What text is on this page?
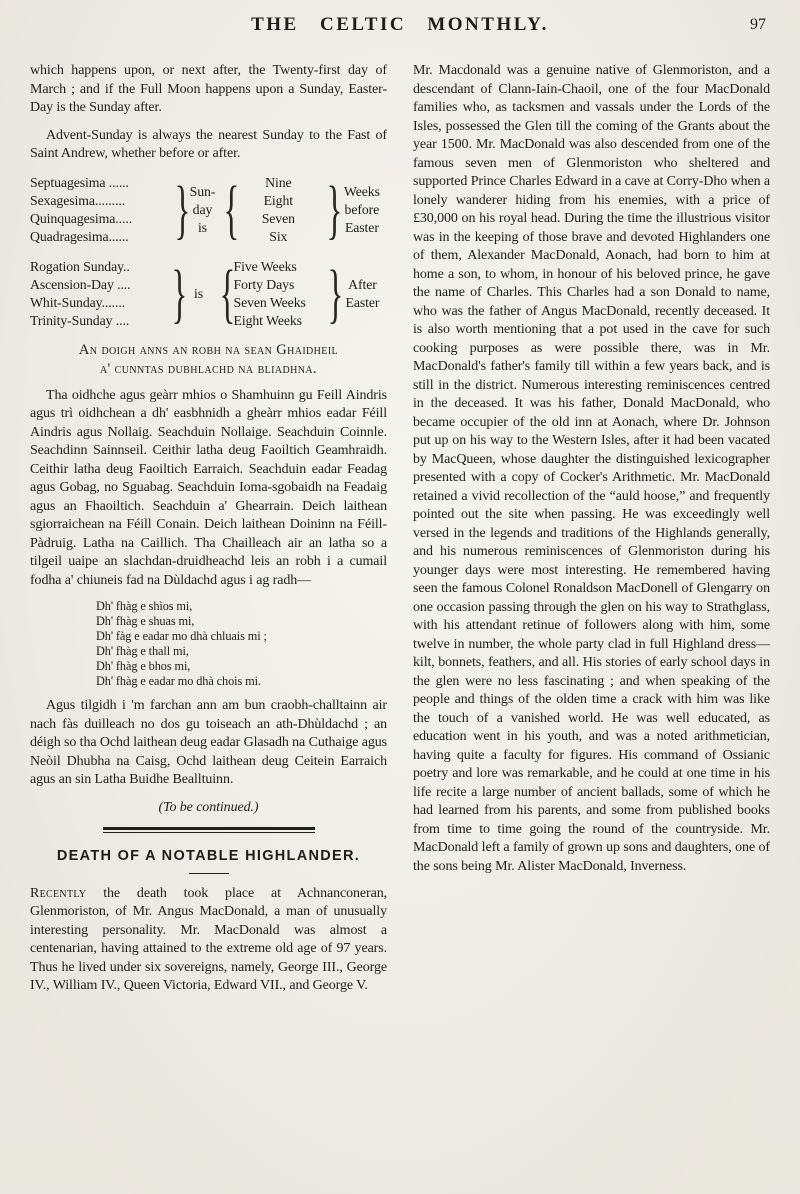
THE CELTIC MONTHLY.	97

which happens upon, or next after, the Twenty-first day of March ; and if the Full Moon happens upon a Sunday, Easter-Day is the Sunday after.

Advent-Sunday is always the nearest Sunday to the Fast of Saint Andrew, whether before or after.

Septuagesima ......
Sexagesima.........
Quinquagesima.....
Quadragesima......
}
Sun-
day
is
{
Nine
Eight
Seven
Six
}
Weeks
before
Easter
Rogation Sunday..
Ascension-Day ....
Whit-Sunday.......
Trinity-Sunday ....
}
is
{
Five Weeks
Forty Days
Seven Weeks
Eight Weeks
}
After
Easter
An doigh anns an robh na sean Ghaidheil
a' cunntas dubhlachd na bliadhna.

Tha oidhche agus geàrr mhios o Shamhuinn gu Feill Aindris agus trì oidhchean a dh' easbhnidh a gheàrr mhios eadar Féill Aindris agus Nollaig. Seachduin Nollaige. Seachduin Coinnle. Seachdinn Sainnseil. Ceithir latha deug Faoiltich Geamhraidh. Ceithir latha deug Faoiltich Earraich. Seachduin eadar Feadag agus Gobag, no Sguabag. Seachduin Ioma-sgobaidh na Feadaig agus an Fhaoiltich. Seachduin a' Ghearrain. Deich laithean sgiorraichean na Féill Conain. Deich laithean Doininn na Féill-Pàdruig. Latha na Caillich. Tha Chailleach air an latha so a tilgeil uaipe an slachdan-druidheachd leis an robh i a cumail fodha a' chiuneis fad na Dùldachd agus i ag radh—

Dh' fhàg e shìos mi,
Dh' fhàg e shuas mi,
Dh' fàg e eadar mo dhà chluais mi ;
Dh' fhàg e thall mi,
Dh' fhàg e bhos mi,
Dh' fhàg e eadar mo dhà chois mi.

Agus tilgidh i 'm farchan ann am bun craobh-challtainn air nach fàs duilleach no dos gu toiseach an ath-Dhùldachd ; an déigh so tha Ochd laithean deug eadar Glasadh na Cuthaige agus Neòil Dhubha na Caisg, Ochd laithean deug Ceitein Earraich agus an sin Latha Buidhe Bealltuinn.

(To be continued.)
DEATH OF A NOTABLE HIGHLANDER.

Recently the death took place at Achnanconeran, Glenmoriston, of Mr. Angus MacDonald, a man of unusually interesting personality. Mr. MacDonald was almost a centenarian, having attained to the extreme old age of 97 years. Thus he lived under six sovereigns, namely, George III., George IV., William IV., Queen Victoria, Edward VII., and George V.

Mr. Macdonald was a genuine native of Glenmoriston, and a descendant of Clann-Iain-Chaoil, one of the four MacDonald families who, as tacksmen and vassals under the Lords of the Isles, possessed the Glen till the coming of the Grants about the year 1500. Mr. MacDonald was also descended from one of the famous seven men of Glenmoriston who sheltered and supported Prince Charles Edward in a cave at Corry-Dho when a lonely wanderer hiding from his enemies, with a price of £30,000 on his royal head. During the time the illustrious visitor was in the keeping of those brave and devoted Highlanders one of them, Alexander MacDonald, Aonach, had born to him at home a son, to whom, in honour of his beloved prince, he gave the name of Charles. This Charles had a son Donald to name, who was the father of Angus MacDonald, recently deceased. It is also worth mentioning that a pot used in the cave for such cooking purposes as were possible there, was in Mr. MacDonald's father's family till within a few years back, and is still in the district. Numerous interesting reminiscences centred in the deceased. It was his father, Donald MacDonald, who became occupier of the old inn at Aonach, where Dr. Johnson put up on his way to the Western Isles, after it had been vacated by MacQueen, whose daughter the distinguished lexicographer presented with a copy of Cocker's Arithmetic. Mr. MacDonald retained a vivid recollection of the “auld hoose,” and frequently pointed out the site when passing. He was exceedingly well versed in the legends and traditions of the Highlands generally, and his numerous reminiscences of Glenmoriston during his younger days were most interesting. He remembered having seen the famous Colonel Ronaldson MacDonell of Glengarry on one occasion passing through the glen on his way to Strathglass, with his attendant retinue of followers along with him, some twelve in number, the whole party clad in full Highland dress—kilt, bonnets, feathers, and all. His stories of early school days in the glen were no less fascinating ; and when speaking of the people and things of the olden time a crack with him was like the touch of a vanished world. He was well educated, as education went in his youth, and was a noted arithmetician, having quite a faculty for figures. His command of Ossianic poetry and lore was remarkable, and he could at one time in his life recite a large number of ancient ballads, some of which he had learned from his parents, and some from published books from time to time going the round of the countryside. Mr. MacDonald left a family of grown up sons and daughters, one of the sons being Mr. Alister MacDonald, Inverness.
